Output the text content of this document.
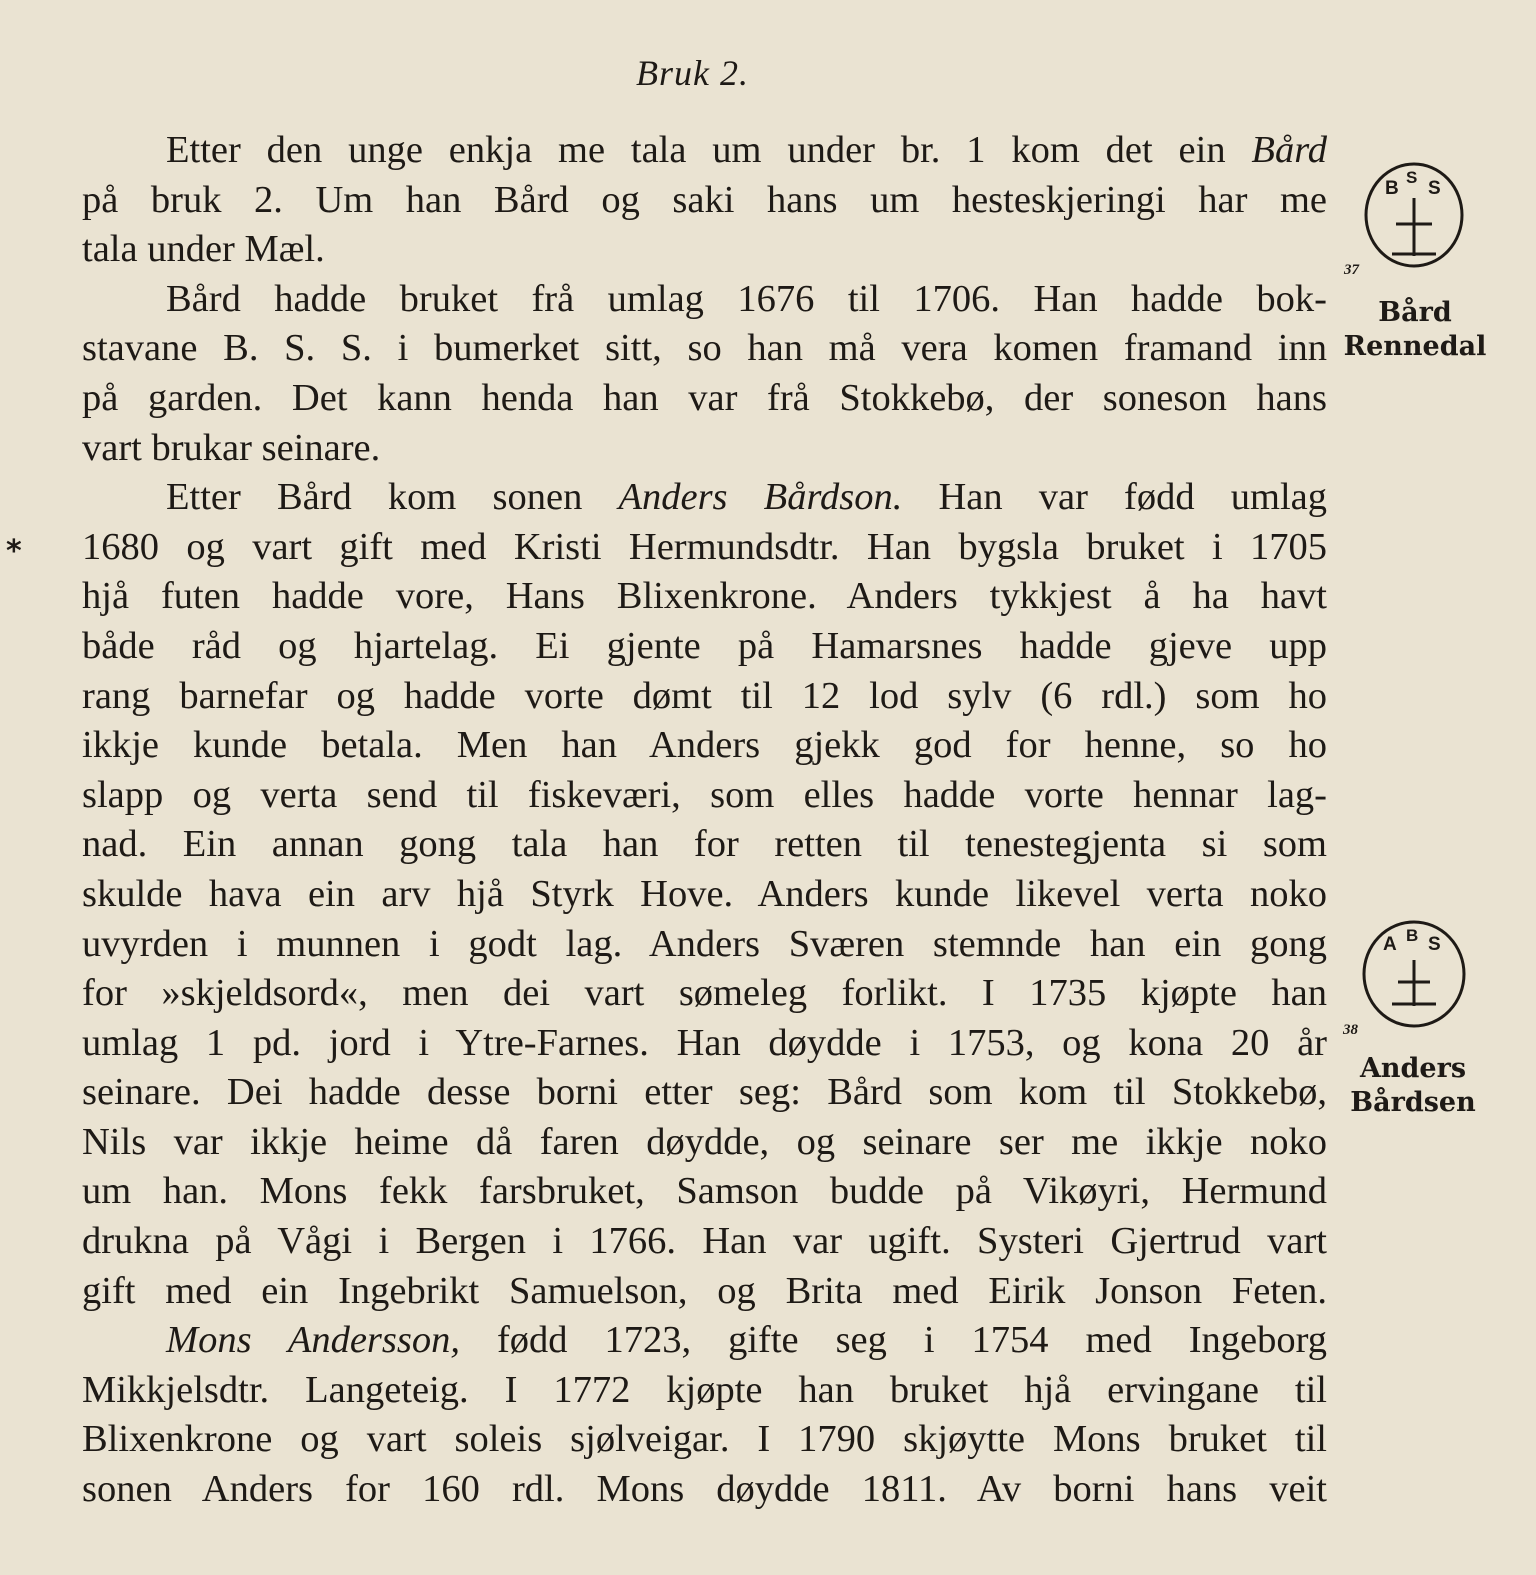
Bruk 2.
*
Etter den unge enkja me tala um under br. 1 kom det ein Bård
på bruk 2. Um han Bård og saki hans um hesteskjeringi har me
tala under Mæl.
Bård hadde bruket frå umlag 1676 til 1706. Han hadde bok-
stavane B. S. S. i bumerket sitt, so han må vera komen framand inn
på garden. Det kann henda han var frå Stokkebø, der soneson hans
vart brukar seinare.
Etter Bård kom sonen Anders Bårdson. Han var fødd umlag
1680 og vart gift med Kristi Hermundsdtr. Han bygsla bruket i 1705
hjå futen hadde vore, Hans Blixenkrone. Anders tykkjest å ha havt
både råd og hjartelag. Ei gjente på Hamarsnes hadde gjeve upp
rang barnefar og hadde vorte dømt til 12 lod sylv (6 rdl.) som ho
ikkje kunde betala. Men han Anders gjekk god for henne, so ho
slapp og verta send til fiskeværi, som elles hadde vorte hennar lag-
nad. Ein annan gong tala han for retten til tenestegjenta si som
skulde hava ein arv hjå Styrk Hove. Anders kunde likevel verta noko
uvyrden i munnen i godt lag. Anders Sværen stemnde han ein gong
for »skjeldsord«, men dei vart sømeleg forlikt. I 1735 kjøpte han
umlag 1 pd. jord i Ytre-Farnes. Han døydde i 1753, og kona 20 år
seinare. Dei hadde desse borni etter seg: Bård som kom til Stokkebø,
Nils var ikkje heime då faren døydde, og seinare ser me ikkje noko
um han. Mons fekk farsbruket, Samson budde på Vikøyri, Hermund
drukna på Vågi i Bergen i 1766. Han var ugift. Systeri Gjertrud vart
gift med ein Ingebrikt Samuelson, og Brita med Eirik Jonson Feten.
Mons Andersson, fødd 1723, gifte seg i 1754 med Ingeborg
Mikkjelsdtr. Langeteig. I 1772 kjøpte han bruket hjå ervingane til
Blixenkrone og vart soleis sjølveigar. I 1790 skjøytte Mons bruket til
sonen Anders for 160 rdl. Mons døydde 1811. Av borni hans veit
B
S
S
37
Bård
Rennedal
A B S
38
Anders
Bårdsen
